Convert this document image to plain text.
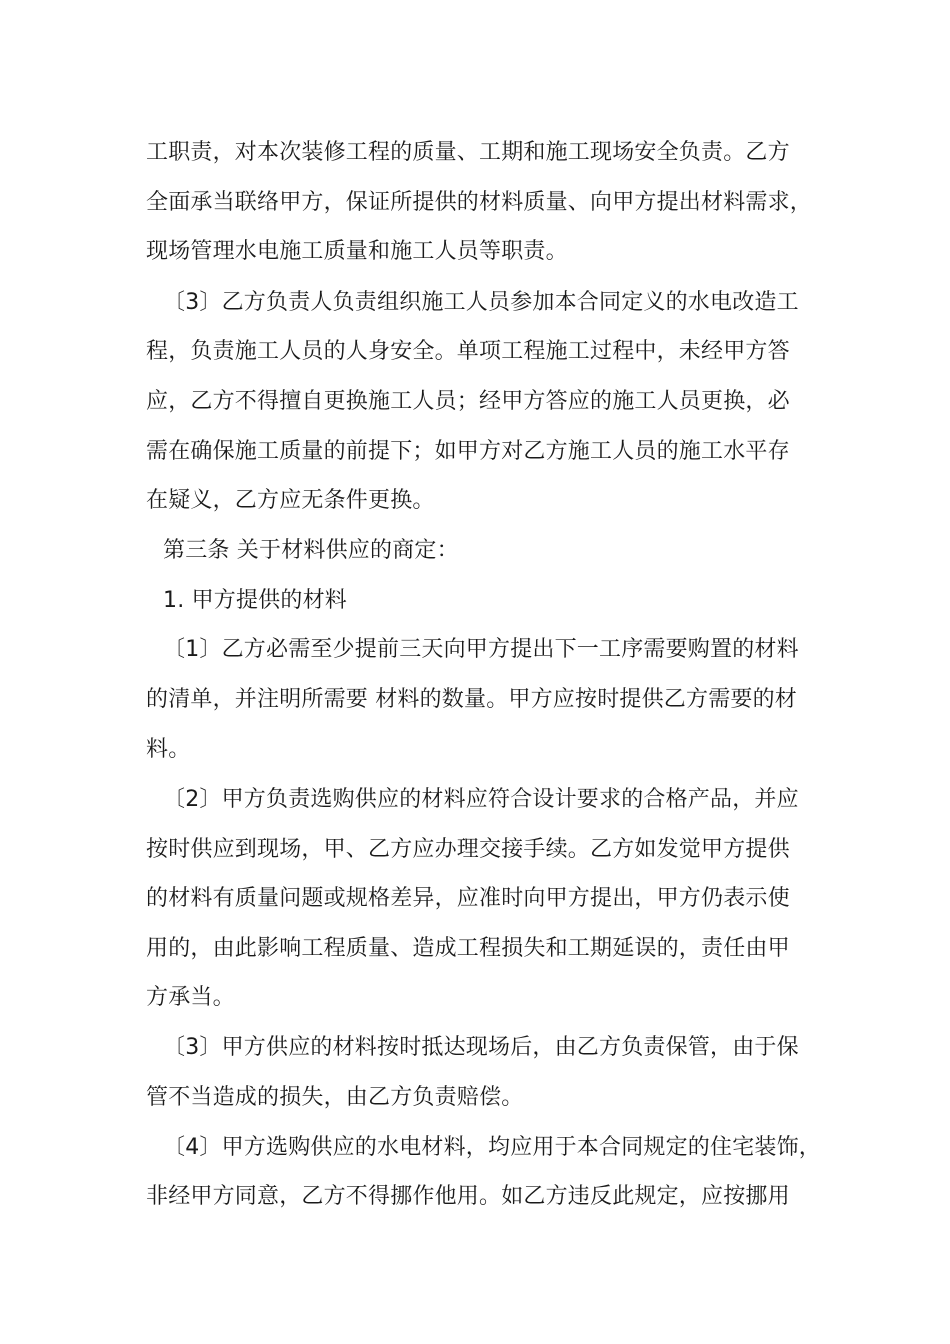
工职责，对本次装修工程的质量、工期和施工现场安全负责。乙方
全面承当联络甲方，保证所提供的材料质量、向甲方提出材料需求，
现场管理水电施工质量和施工人员等职责。
〔3〕乙方负责人负责组织施工人员参加本合同定义的水电改造工
程，负责施工人员的人身安全。单项工程施工过程中，未经甲方答
应，乙方不得擅自更换施工人员；经甲方答应的施工人员更换，必
需在确保施工质量的前提下；如甲方对乙方施工人员的施工水平存
在疑义，乙方应无条件更换。
第三条 关于材料供应的商定：
1. 甲方提供的材料
〔1〕乙方必需至少提前三天向甲方提出下一工序需要购置的材料
的清单，并注明所需要 材料的数量。甲方应按时提供乙方需要的材
料。
〔2〕甲方负责选购供应的材料应符合设计要求的合格产品，并应
按时供应到现场，甲、乙方应办理交接手续。乙方如发觉甲方提供
的材料有质量问题或规格差异，应准时向甲方提出，甲方仍表示使
用的，由此影响工程质量、造成工程损失和工期延误的，责任由甲
方承当。
〔3〕甲方供应的材料按时抵达现场后，由乙方负责保管，由于保
管不当造成的损失，由乙方负责赔偿。
〔4〕甲方选购供应的水电材料，均应用于本合同规定的住宅装饰，
非经甲方同意，乙方不得挪作他用。如乙方违反此规定，应按挪用
